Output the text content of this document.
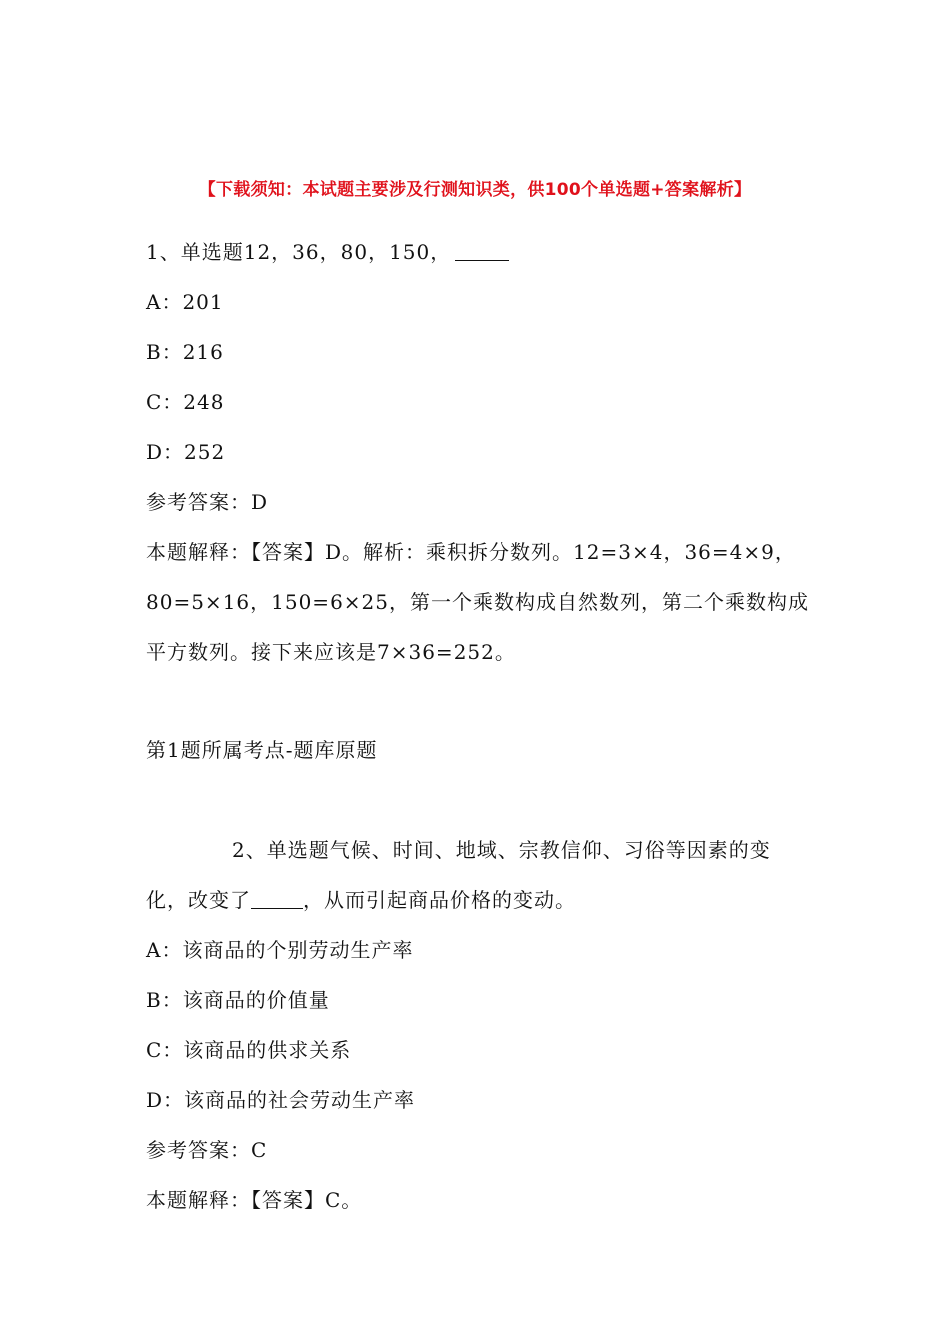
【下载须知：本试题主要涉及行测知识类，供100个单选题+答案解析】
1、单选题12，36，80，150，
A：201
B：216
C：248
D：252
参考答案：D
本题解释：【答案】D。解析：乘积拆分数列。12=3×4，36=4×9，
80=5×16，150=6×25，第一个乘数构成自然数列，第二个乘数构成
平方数列。接下来应该是7×36=252。
第1题所属考点-题库原题
2、单选题气候、时间、地域、宗教信仰、习俗等因素的变
化，改变了	，从而引起商品价格的变动。
A：该商品的个别劳动生产率
B：该商品的价值量
C：该商品的供求关系
D：该商品的社会劳动生产率
参考答案：C
本题解释：【答案】C。
